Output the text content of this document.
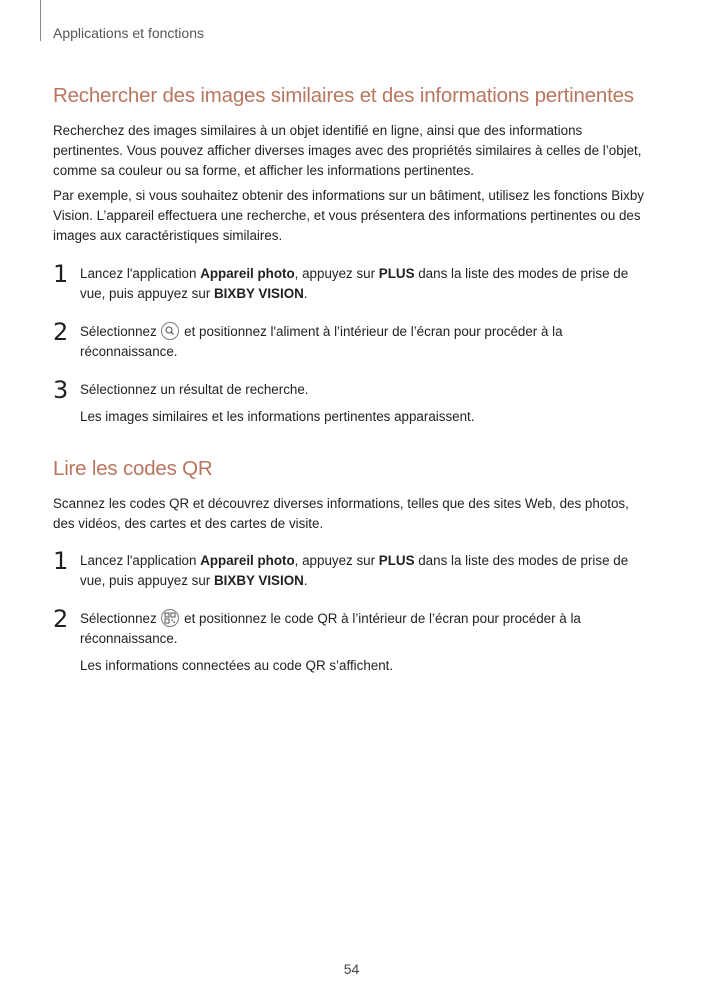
Applications et fonctions
Rechercher des images similaires et des informations pertinentes

Recherchez des images similaires à un objet identifié en ligne, ainsi que des informations pertinentes. Vous pouvez afficher diverses images avec des propriétés similaires à celles de l’objet, comme sa couleur ou sa forme, et afficher les informations pertinentes.

Par exemple, si vous souhaitez obtenir des informations sur un bâtiment, utilisez les fonctions Bixby Vision. L’appareil effectuera une recherche, et vous présentera des informations pertinentes ou des images aux caractéristiques similaires.

1 Lancez l'application Appareil photo, appuyez sur PLUS dans la liste des modes de prise de vue, puis appuyez sur BIXBY VISION.

2 Sélectionnez
et positionnez l'aliment à l’intérieur de l’écran pour procéder à la réconnaissance.

3 Sélectionnez un résultat de recherche.

Les images similaires et les informations pertinentes apparaissent.

Lire les codes QR

Scannez les codes QR et découvrez diverses informations, telles que des sites Web, des photos, des vidéos, des cartes et des cartes de visite.

1 Lancez l'application Appareil photo, appuyez sur PLUS dans la liste des modes de prise de vue, puis appuyez sur BIXBY VISION.

2 Sélectionnez
et positionnez le code QR à l’intérieur de l’écran pour procéder à la réconnaissance.

Les informations connectées au code QR s’affichent.

54
